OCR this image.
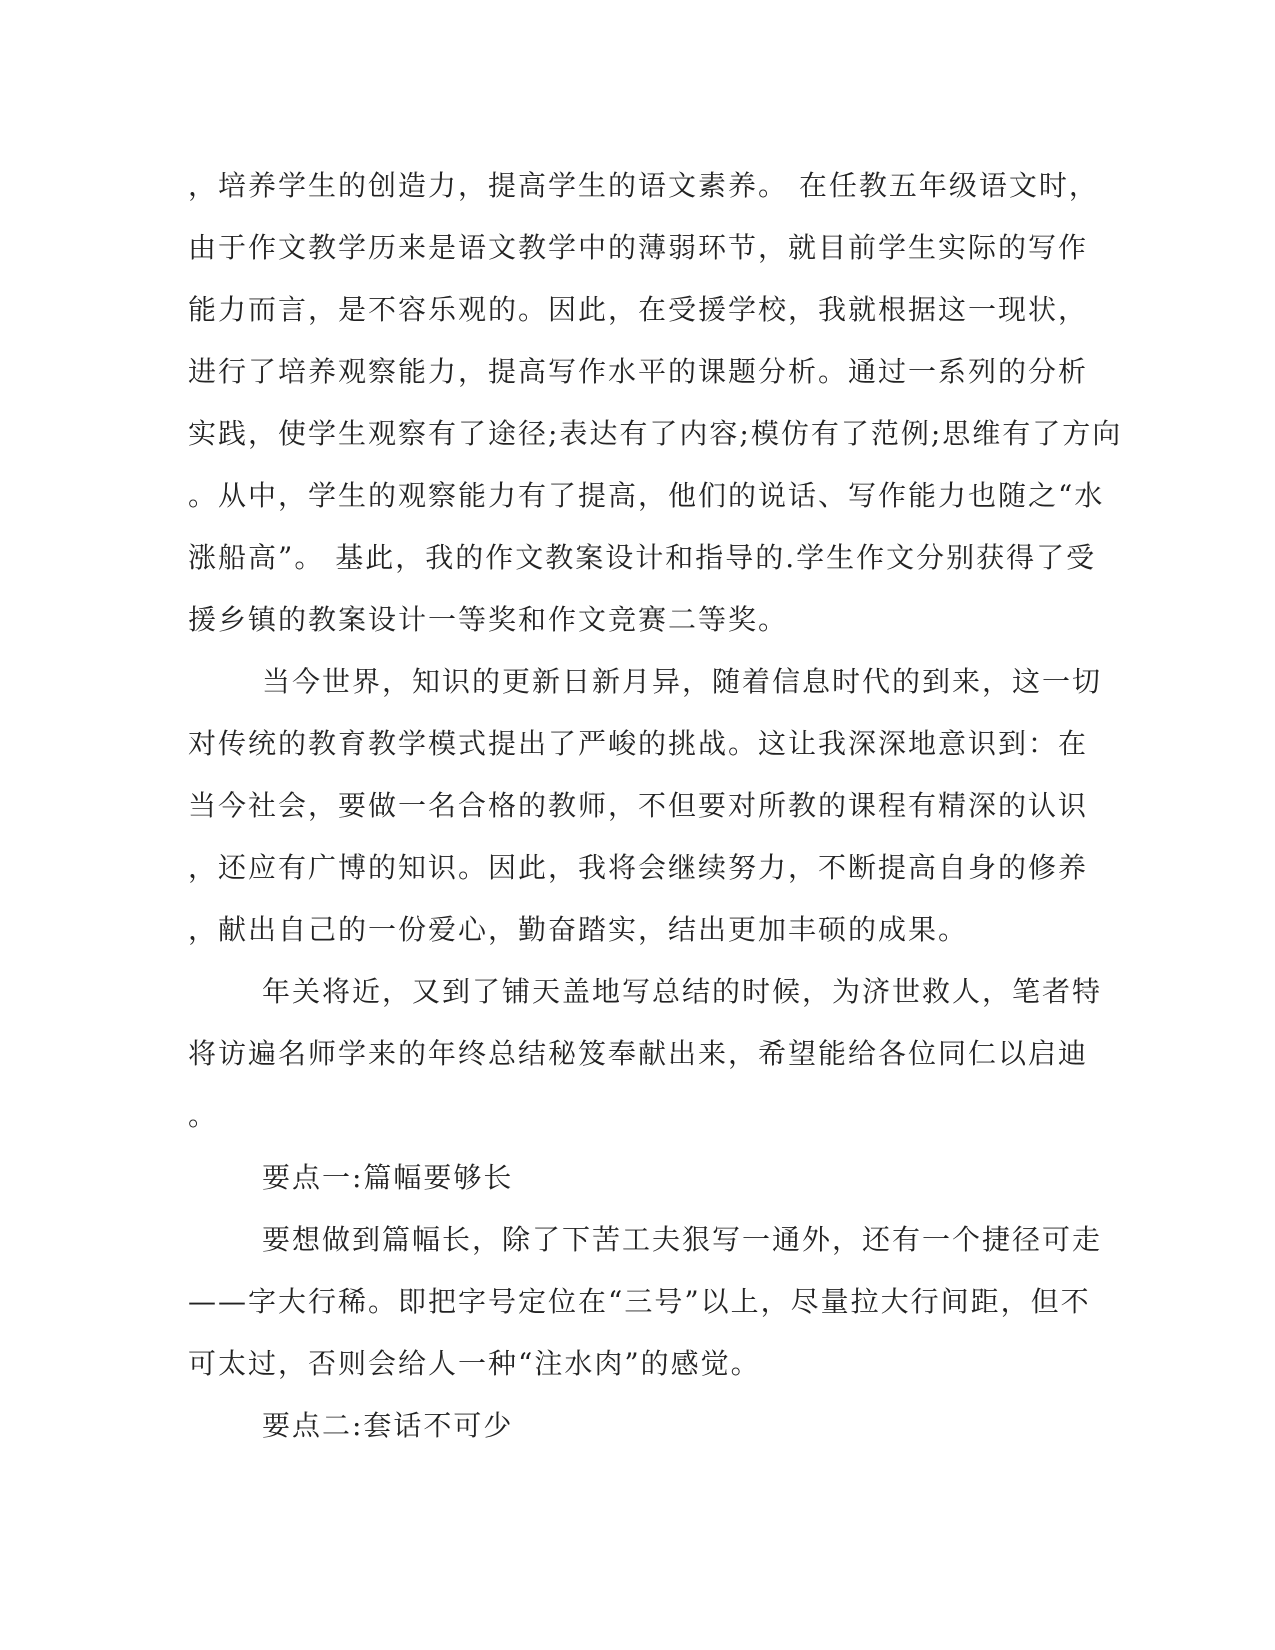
，培养学生的创造力，提高学生的语文素养。 在任教五年级语文时，
由于作文教学历来是语文教学中的薄弱环节，就目前学生实际的写作
能力而言，是不容乐观的。因此，在受援学校，我就根据这一现状，
进行了培养观察能力，提高写作水平的课题分析。通过一系列的分析
实践，使学生观察有了途径;表达有了内容;模仿有了范例;思维有了方向
。从中，学生的观察能力有了提高，他们的说话、写作能力也随之“水
涨船高”。 基此，我的作文教案设计和指导的.学生作文分别获得了受
援乡镇的教案设计一等奖和作文竞赛二等奖。
当今世界，知识的更新日新月异，随着信息时代的到来，这一切
对传统的教育教学模式提出了严峻的挑战。这让我深深地意识到：在
当今社会，要做一名合格的教师，不但要对所教的课程有精深的认识
，还应有广博的知识。因此，我将会继续努力，不断提高自身的修养
，献出自己的一份爱心，勤奋踏实，结出更加丰硕的成果。
年关将近，又到了铺天盖地写总结的时候，为济世救人，笔者特
将访遍名师学来的年终总结秘笈奉献出来，希望能给各位同仁以启迪
。
要点一:篇幅要够长
要想做到篇幅长，除了下苦工夫狠写一通外，还有一个捷径可走
——字大行稀。即把字号定位在“三号”以上，尽量拉大行间距，但不
可太过，否则会给人一种“注水肉”的感觉。
要点二:套话不可少
